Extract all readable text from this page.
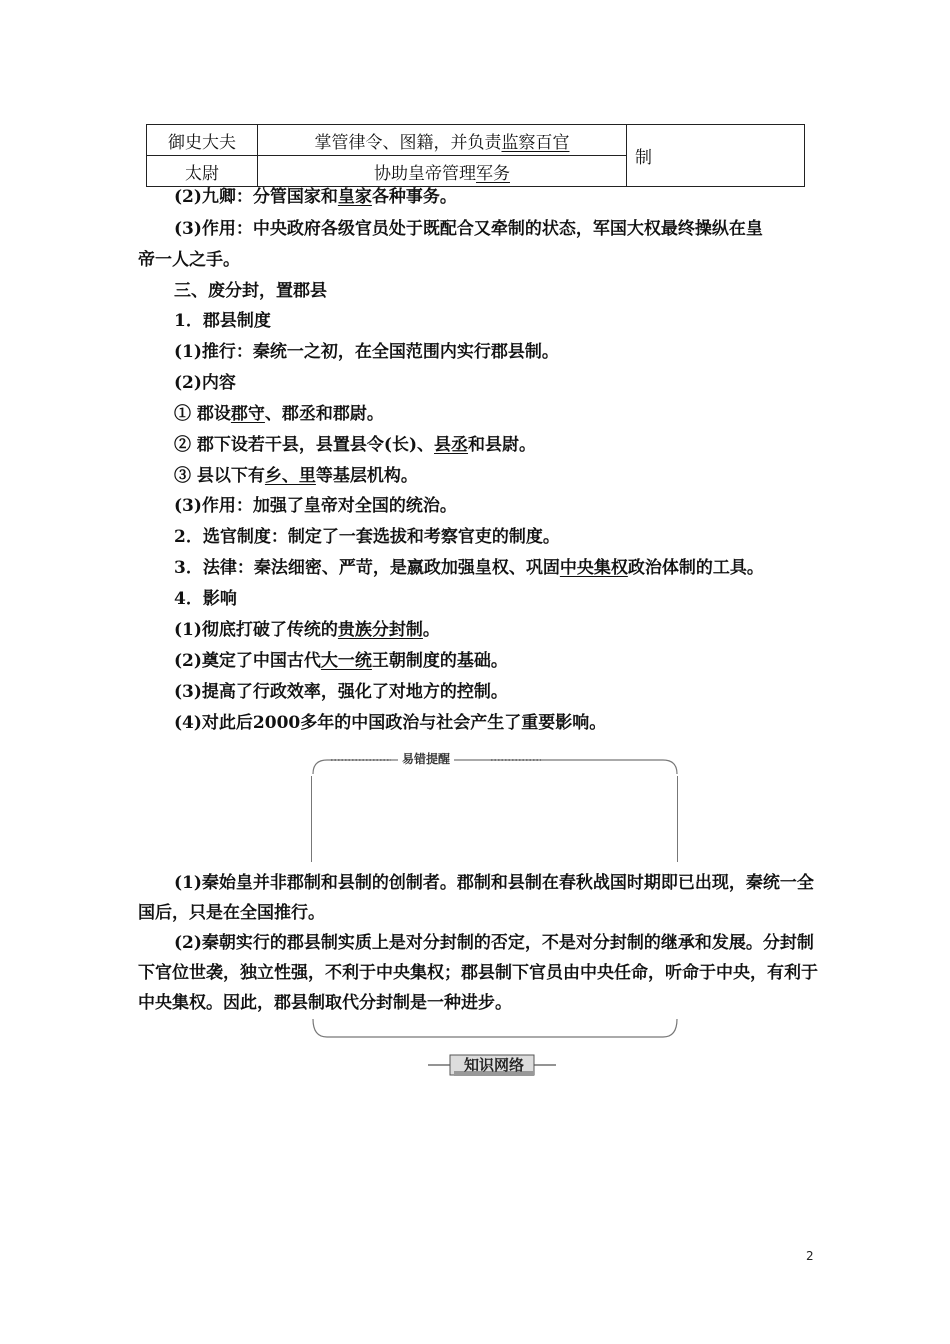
御史大夫	掌管律令、图籍，并负责监察百官	制
太尉	协助皇帝管理军务	
(2)九卿：分管国家和皇家各种事务。
(3)作用：中央政府各级官员处于既配合又牵制的状态，军国大权最终操纵在皇
帝一人之手。
三、废分封，置郡县
1．郡县制度
(1)推行：秦统一之初，在全国范围内实行郡县制。
(2)内容
① 郡设郡守、郡丞和郡尉。
② 郡下设若干县，县置县令(长)、县丞和县尉。
③ 县以下有乡、里等基层机构。
(3)作用：加强了皇帝对全国的统治。
2．选官制度：制定了一套选拔和考察官吏的制度。
3．法律：秦法细密、严苛，是嬴政加强皇权、巩固中央集权政治体制的工具。
4．影响
(1)彻底打破了传统的贵族分封制。
(2)奠定了中国古代大一统王朝制度的基础。
(3)提高了行政效率，强化了对地方的控制。
(4)对此后2000多年的中国政治与社会产生了重要影响。
易错提醒
(1)秦始皇并非郡制和县制的创制者。郡制和县制在春秋战国时期即已出现，秦统一全国后，只是在全国推行。
(2)秦朝实行的郡县制实质上是对分封制的否定，不是对分封制的继承和发展。分封制下官位世袭，独立性强，不利于中央集权；郡县制下官员由中央任命，听命于中央，有利于中央集权。因此，郡县制取代分封制是一种进步。
知识网络
2
